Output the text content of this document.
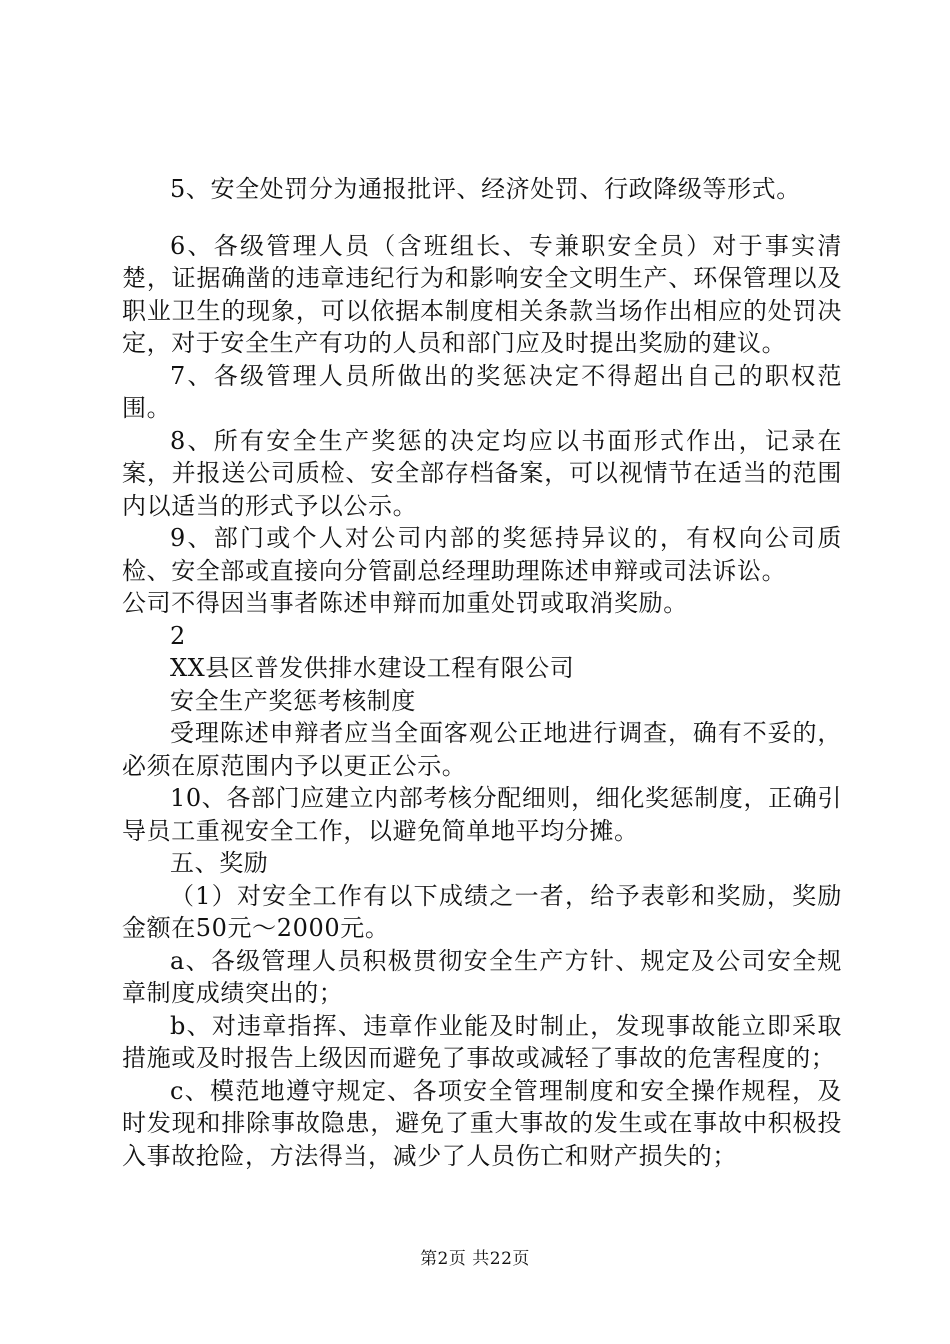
5、安全处罚分为通报批评、经济处罚、行政降级等形式。

6、各级管理人员（含班组长、专兼职安全员）对于事实清楚，证据确凿的违章违纪行为和影响安全文明生产、环保管理以及职业卫生的现象，可以依据本制度相关条款当场作出相应的处罚决定，对于安全生产有功的人员和部门应及时提出奖励的建议。

7、各级管理人员所做出的奖惩决定不得超出自己的职权范围。

8、所有安全生产奖惩的决定均应以书面形式作出，记录在案，并报送公司质检、安全部存档备案，可以视情节在适当的范围内以适当的形式予以公示。

9、部门或个人对公司内部的奖惩持异议的，有权向公司质检、安全部或直接向分管副总经理助理陈述申辩或司法诉讼。

公司不得因当事者陈述申辩而加重处罚或取消奖励。

2

XX县区普发供排水建设工程有限公司

安全生产奖惩考核制度

受理陈述申辩者应当全面客观公正地进行调查，确有不妥的，必须在原范围内予以更正公示。

10、各部门应建立内部考核分配细则，细化奖惩制度，正确引导员工重视安全工作，以避免简单地平均分摊。

五、奖励

（1）对安全工作有以下成绩之一者，给予表彰和奖励，奖励金额在50元～2000元。

a、各级管理人员积极贯彻安全生产方针、规定及公司安全规章制度成绩突出的；

b、对违章指挥、违章作业能及时制止，发现事故能立即采取措施或及时报告上级因而避免了事故或减轻了事故的危害程度的；

c、模范地遵守规定、各项安全管理制度和安全操作规程，及时发现和排除事故隐患，避免了重大事故的发生或在事故中积极投入事故抢险，方法得当，减少了人员伤亡和财产损失的；

第2页 共22页
